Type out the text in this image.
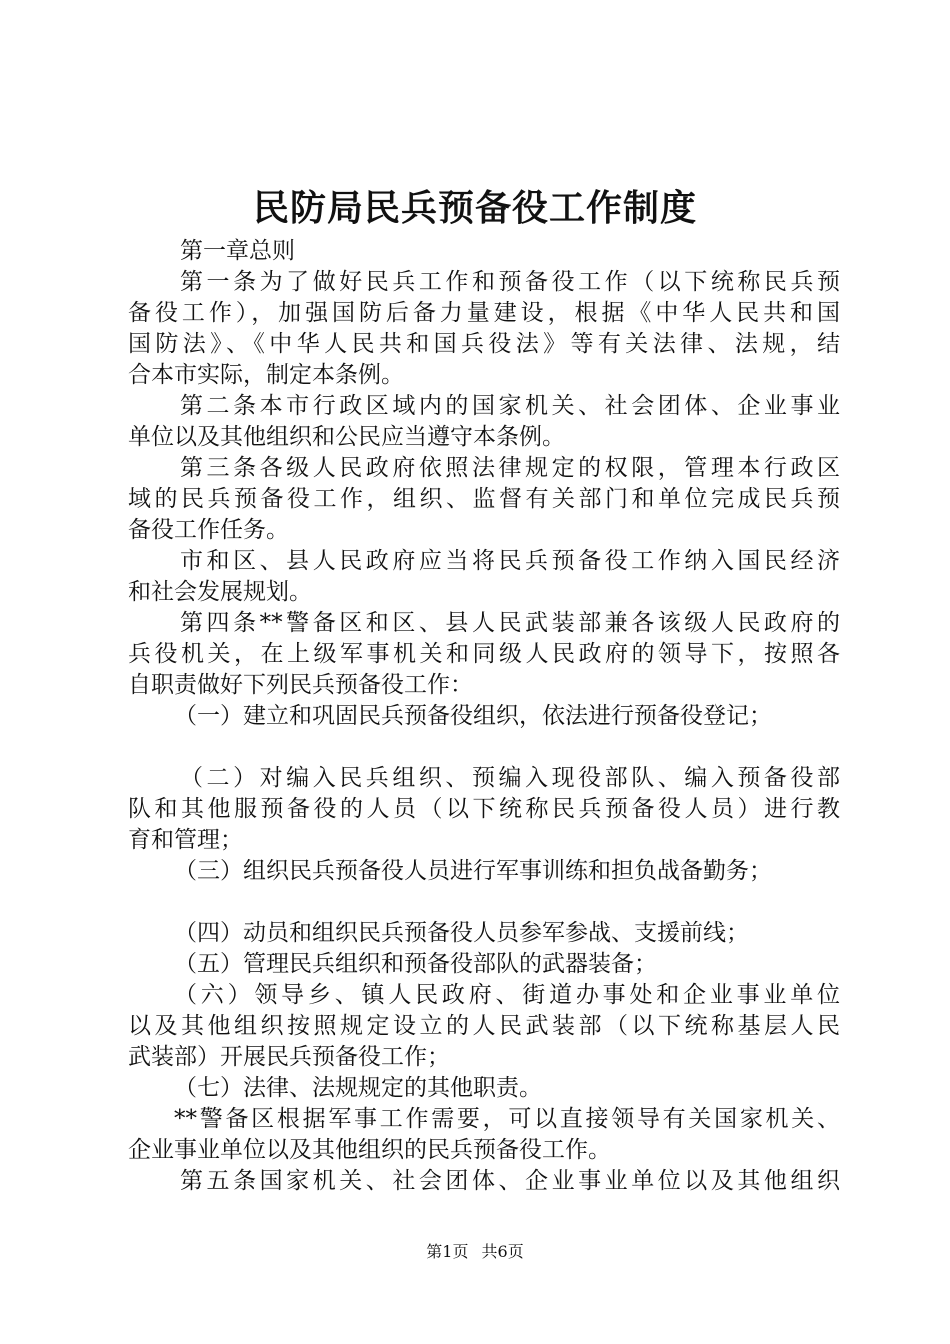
民防局民兵预备役工作制度
第一章总则
第一条为了做好民兵工作和预备役工作（以下统称民兵预
备役工作），加强国防后备力量建设，根据《中华人民共和国
国防法》、《中华人民共和国兵役法》等有关法律、法规，结
合本市实际，制定本条例。
第二条本市行政区域内的国家机关、社会团体、企业事业
单位以及其他组织和公民应当遵守本条例。
第三条各级人民政府依照法律规定的权限，管理本行政区
域的民兵预备役工作，组织、监督有关部门和单位完成民兵预
备役工作任务。
市和区、县人民政府应当将民兵预备役工作纳入国民经济
和社会发展规划。
第四条**警备区和区、县人民武装部兼各该级人民政府的
兵役机关，在上级军事机关和同级人民政府的领导下，按照各
自职责做好下列民兵预备役工作：
（一）建立和巩固民兵预备役组织，依法进行预备役登记；
（二）对编入民兵组织、预编入现役部队、编入预备役部
队和其他服预备役的人员（以下统称民兵预备役人员）进行教
育和管理；
（三）组织民兵预备役人员进行军事训练和担负战备勤务；
（四）动员和组织民兵预备役人员参军参战、支援前线；
（五）管理民兵组织和预备役部队的武器装备；
（六）领导乡、镇人民政府、街道办事处和企业事业单位
以及其他组织按照规定设立的人民武装部（以下统称基层人民
武装部）开展民兵预备役工作；
（七）法律、法规规定的其他职责。
**警备区根据军事工作需要，可以直接领导有关国家机关、
企业事业单位以及其他组织的民兵预备役工作。
第五条国家机关、社会团体、企业事业单位以及其他组织
第1页 共6页
